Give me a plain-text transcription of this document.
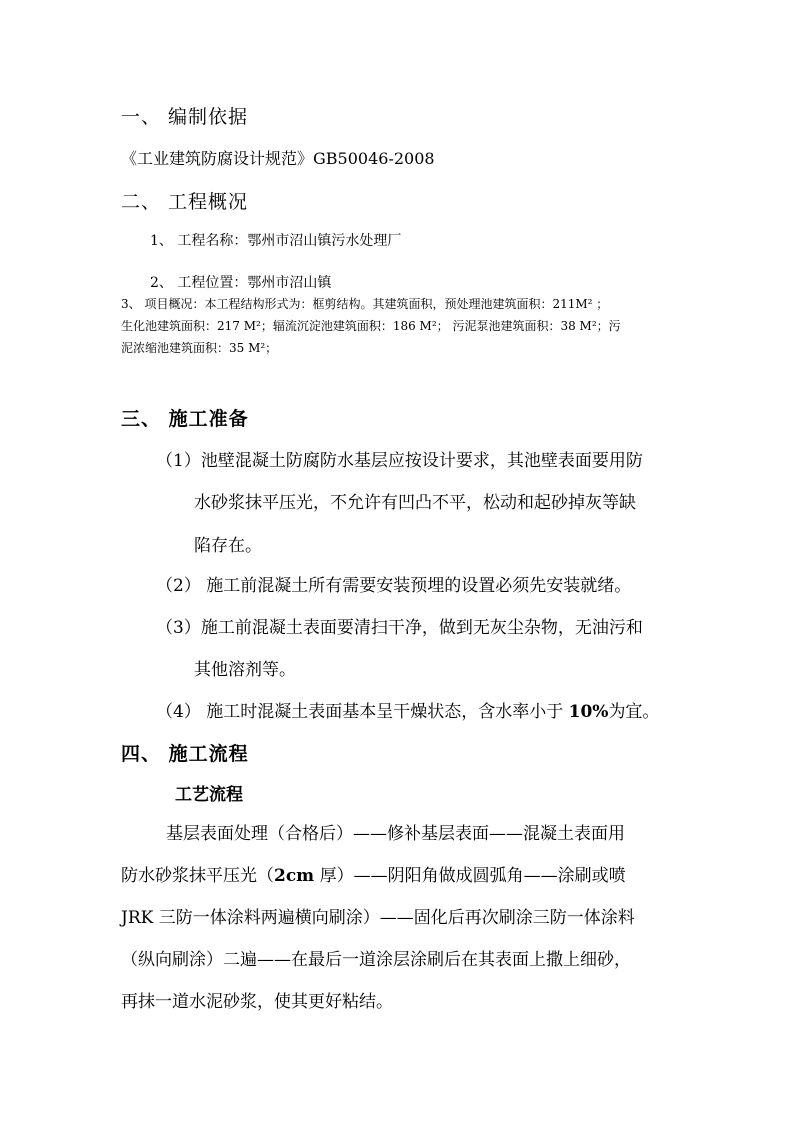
一、 编制依据
《工业建筑防腐设计规范》GB50046-2008
二、 工程概况
1、 工程名称：鄂州市沼山镇污水处理厂
2、 工程位置：鄂州市沼山镇
3、 项目概况：本工程结构形式为：框剪结构。其建筑面积，预处理池建筑面积：211M² ；
生化池建筑面积：217 M²；辐流沉淀池建筑面积：186 M²； 污泥泵池建筑面积：38 M²；污
泥浓缩池建筑面积：35 M²；
三、 施工准备
（1）池壁混凝土防腐防水基层应按设计要求，其池壁表面要用防
水砂浆抹平压光，不允许有凹凸不平，松动和起砂掉灰等缺
陷存在。
（2） 施工前混凝土所有需要安装预埋的设置必须先安装就绪。
（3）施工前混凝土表面要清扫干净，做到无灰尘杂物，无油污和
其他溶剂等。
（4） 施工时混凝土表面基本呈干燥状态，含水率小于 10%为宜。
四、 施工流程
工艺流程
基层表面处理（合格后）——修补基层表面——混凝土表面用
防水砂浆抹平压光（2cm 厚）——阴阳角做成圆弧角——涂刷或喷
JRK 三防一体涂料两遍横向刷涂）——固化后再次刷涂三防一体涂料
（纵向刷涂）二遍——在最后一道涂层涂刷后在其表面上撒上细砂，
再抹一道水泥砂浆，使其更好粘结。
